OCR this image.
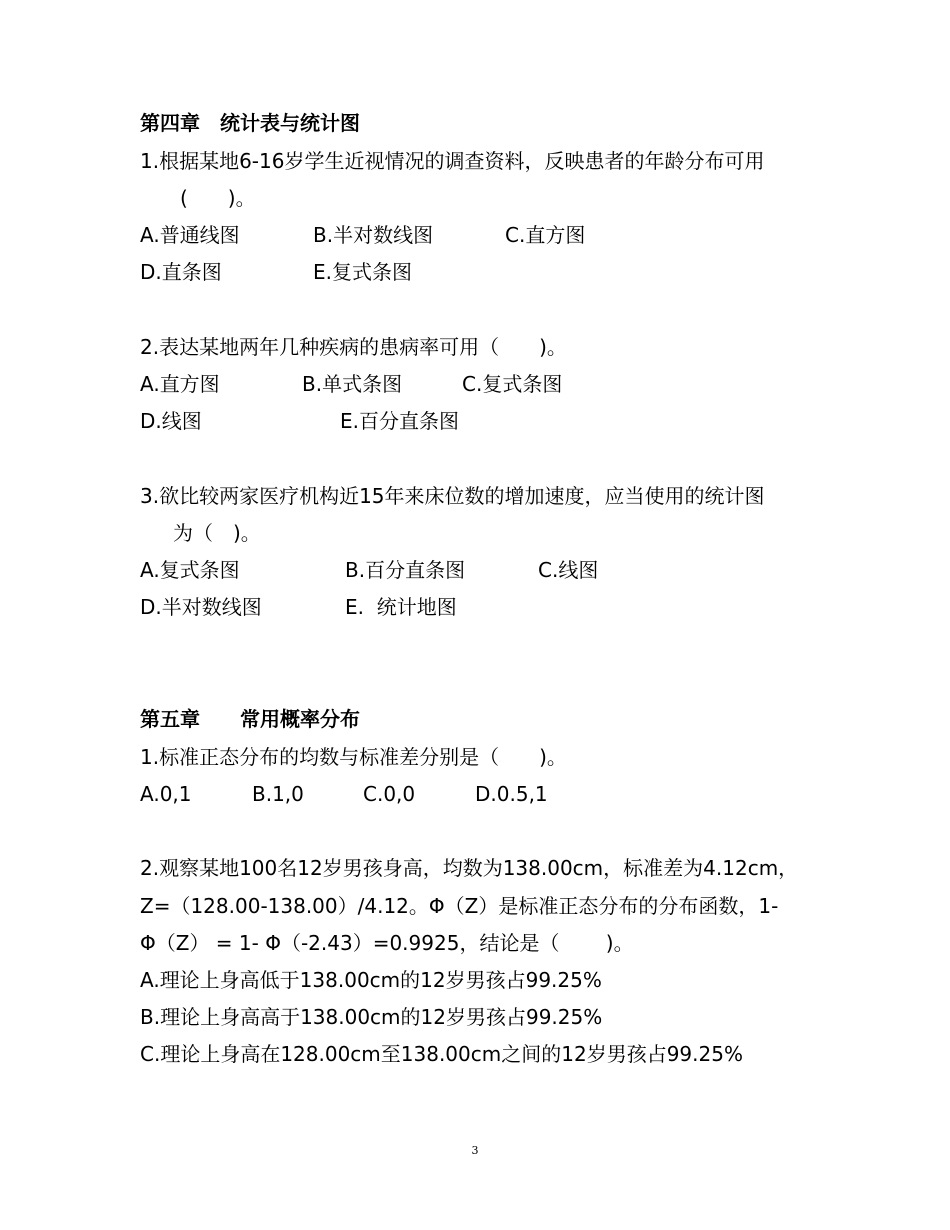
第四章　统计表与统计图
1.根据某地6-16岁学生近视情况的调查资料，反映患者的年龄分布可用
(　　)。
A.普通线图	B.半对数线图	C.直方图
D.直条图	E.复式条图
2.表达某地两年几种疾病的患病率可用（　　)。
A.直方图	B.单式条图	C.复式条图
D.线图	E.百分直条图
3.欲比较两家医疗机构近15年来床位数的增加速度，应当使用的统计图
为（　)。
A.复式条图	B.百分直条图	C.线图
D.半对数线图	E.  统计地图
第五章　　常用概率分布
1.标准正态分布的均数与标准差分别是（　　)。
A.0,1	B.1,0	C.0,0	D.0.5,1
2.观察某地100名12岁男孩身高，均数为138.00cm，标准差为4.12cm，
Z=（128.00-138.00）/4.12。Φ（Z）是标准正态分布的分布函数，1-
Φ（Z） = 1- Φ（-2.43）=0.9925，结论是（　　 )。
A.理论上身高低于138.00cm的12岁男孩占99.25%
B.理论上身高高于138.00cm的12岁男孩占99.25%
C.理论上身高在128.00cm至138.00cm之间的12岁男孩占99.25%
3
